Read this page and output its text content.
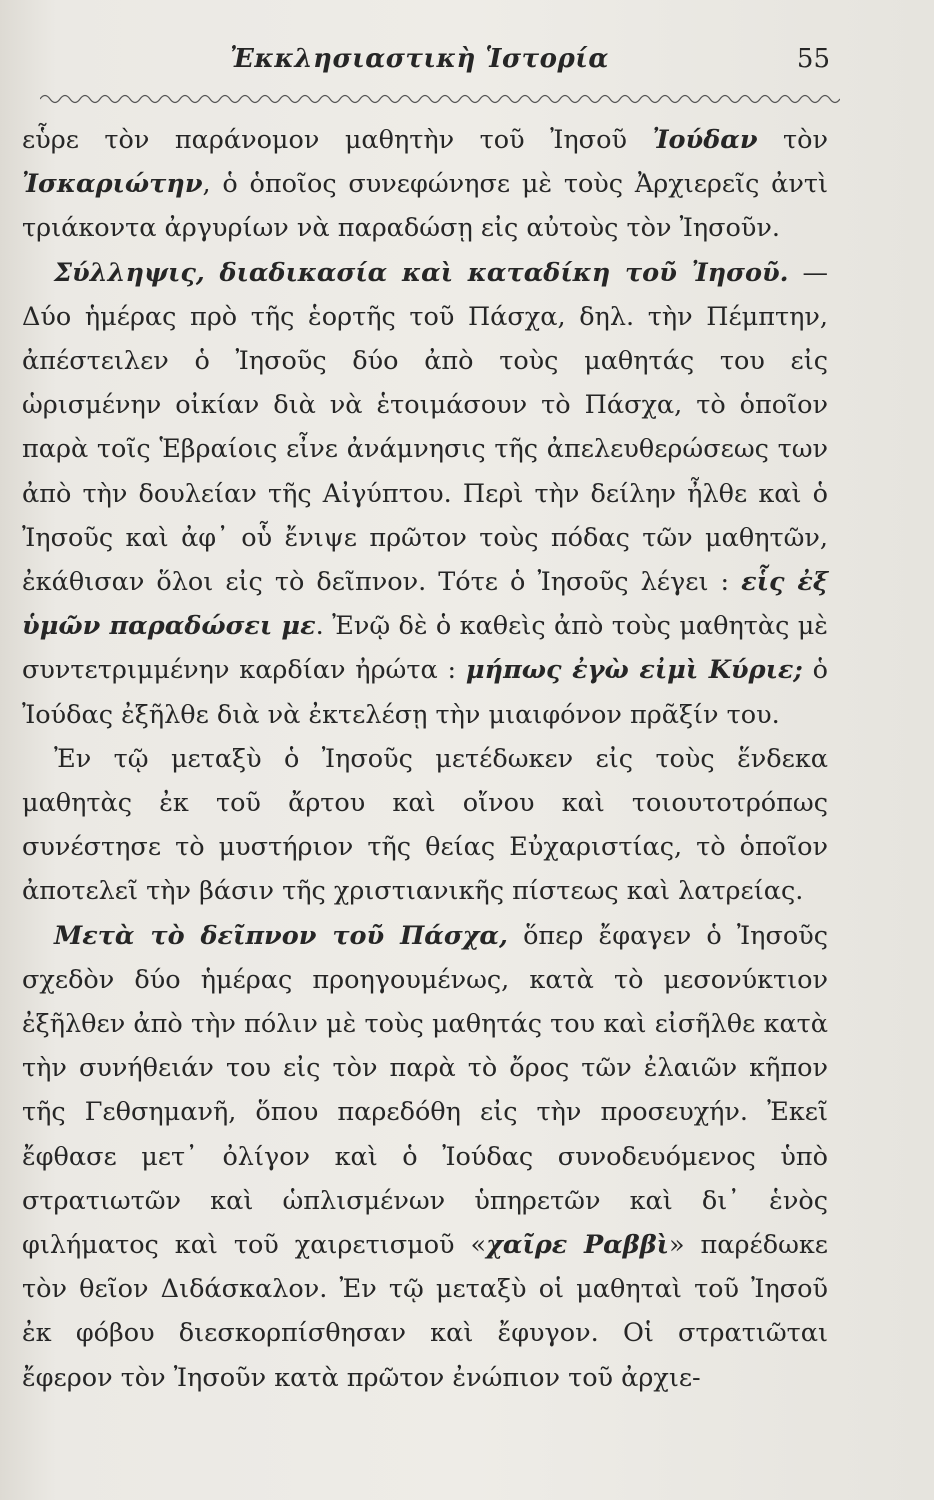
Ἐκκλησιαστικὴ Ἱστορία	55

εὗρε τὸν παράνομον μαθητὴν τοῦ Ἰησοῦ Ἰούδαν τὸν Ἰσκαριώτην, ὁ ὁποῖος συνεφώνησε μὲ τοὺς Ἀρχιερεῖς ἀντὶ τριάκοντα ἀργυρίων νὰ παραδώσῃ εἰς αὐτοὺς τὸν Ἰησοῦν.

Σύλληψις, διαδικασία καὶ καταδίκη τοῦ Ἰησοῦ. — Δύο ἡμέρας πρὸ τῆς ἑορτῆς τοῦ Πάσχα, δηλ. τὴν Πέμπτην, ἀπέστειλεν ὁ Ἰησοῦς δύο ἀπὸ τοὺς μαθητάς του εἰς ὡρισμένην οἰκίαν διὰ νὰ ἑτοιμάσουν τὸ Πάσχα, τὸ ὁποῖον παρὰ τοῖς Ἑβραίοις εἶνε ἀνάμνησις τῆς ἀπελευθερώσεως των ἀπὸ τὴν δουλείαν τῆς Αἰγύπτου. Περὶ τὴν δείλην ἦλθε καὶ ὁ Ἰησοῦς καὶ ἀφ᾽ οὗ ἔνιψε πρῶτον τοὺς πόδας τῶν μαθητῶν, ἐκάθισαν ὅλοι εἰς τὸ δεῖπνον. Τότε ὁ Ἰησοῦς λέγει : εἷς ἐξ ὑμῶν παραδώσει με. Ἐνῷ δὲ ὁ καθεὶς ἀπὸ τοὺς μαθητὰς μὲ συντετριμμένην καρδίαν ἠρώτα : μήπως ἐγὼ εἰμὶ Κύριε; ὁ Ἰούδας ἐξῆλθε διὰ νὰ ἐκτελέσῃ τὴν μιαιφόνον πρᾶξίν του.

Ἐν τῷ μεταξὺ ὁ Ἰησοῦς μετέδωκεν εἰς τοὺς ἕνδεκα μαθητὰς ἐκ τοῦ ἄρτου καὶ οἴνου καὶ τοιουτοτρόπως συνέστησε τὸ μυστήριον τῆς θείας Εὐχαριστίας, τὸ ὁποῖον ἀποτελεῖ τὴν βάσιν τῆς χριστιανικῆς πίστεως καὶ λατρείας.

Μετὰ τὸ δεῖπνον τοῦ Πάσχα, ὅπερ ἔφαγεν ὁ Ἰησοῦς σχεδὸν δύο ἡμέρας προηγουμένως, κατὰ τὸ μεσονύκτιον ἐξῆλθεν ἀπὸ τὴν πόλιν μὲ τοὺς μαθητάς του καὶ εἰσῆλθε κατὰ τὴν συνήθειάν του εἰς τὸν παρὰ τὸ ὄρος τῶν ἐλαιῶν κῆπον τῆς Γεθσημανῆ, ὅπου παρεδόθη εἰς τὴν προσευχήν. Ἐκεῖ ἔφθασε μετ᾽ ὀλίγον καὶ ὁ Ἰούδας συνοδευόμενος ὑπὸ στρατιωτῶν καὶ ὡπλισμένων ὑπηρετῶν καὶ δι᾽ ἑνὸς φιλήματος καὶ τοῦ χαιρετισμοῦ «χαῖρε Ραββὶ» παρέδωκε τὸν θεῖον Διδάσκαλον. Ἐν τῷ μεταξὺ οἱ μαθηταὶ τοῦ Ἰησοῦ ἐκ φόβου διεσκορπίσθησαν καὶ ἔφυγον. Οἱ στρατιῶται ἔφερον τὸν Ἰησοῦν κατὰ πρῶτον ἐνώπιον τοῦ ἀρχιε-
